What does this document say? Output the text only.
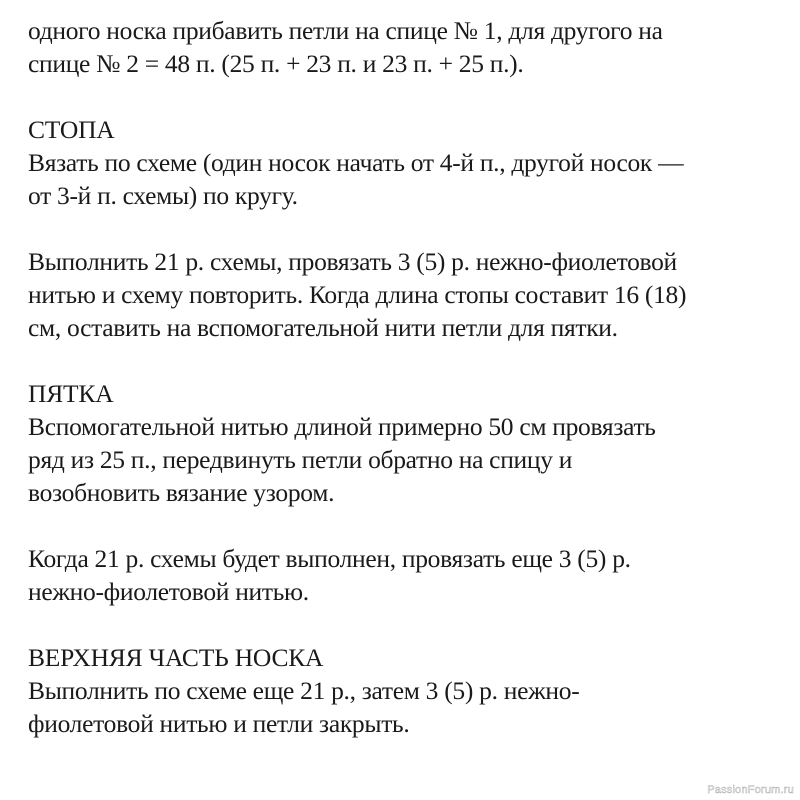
одного носка прибавить петли на спице № 1, для другого на
спице № 2 = 48 п. (25 п. + 23 п. и 23 п. + 25 п.).
СТОПА
Вязать по схеме (один носок начать от 4-й п., другой носок —
от 3-й п. схемы) по кругу.
Выполнить 21 р. схемы, провязать 3 (5) р. нежно-фиолетовой
нитью и схему повторить. Когда длина стопы составит 16 (18)
см, оставить на вспомогательной нити петли для пятки.
ПЯТКА
Вспомогательной нитью длиной примерно 50 см провязать
ряд из 25 п., передвинуть петли обратно на спицу и
возобновить вязание узором.
Когда 21 р. схемы будет выполнен, провязать еще 3 (5) р.
нежно-фиолетовой нитью.
ВЕРХНЯЯ ЧАСТЬ НОСКА
Выполнить по схеме еще 21 р., затем 3 (5) р. нежно-
фиолетовой нитью и петли закрыть.
PassionForum.ru
